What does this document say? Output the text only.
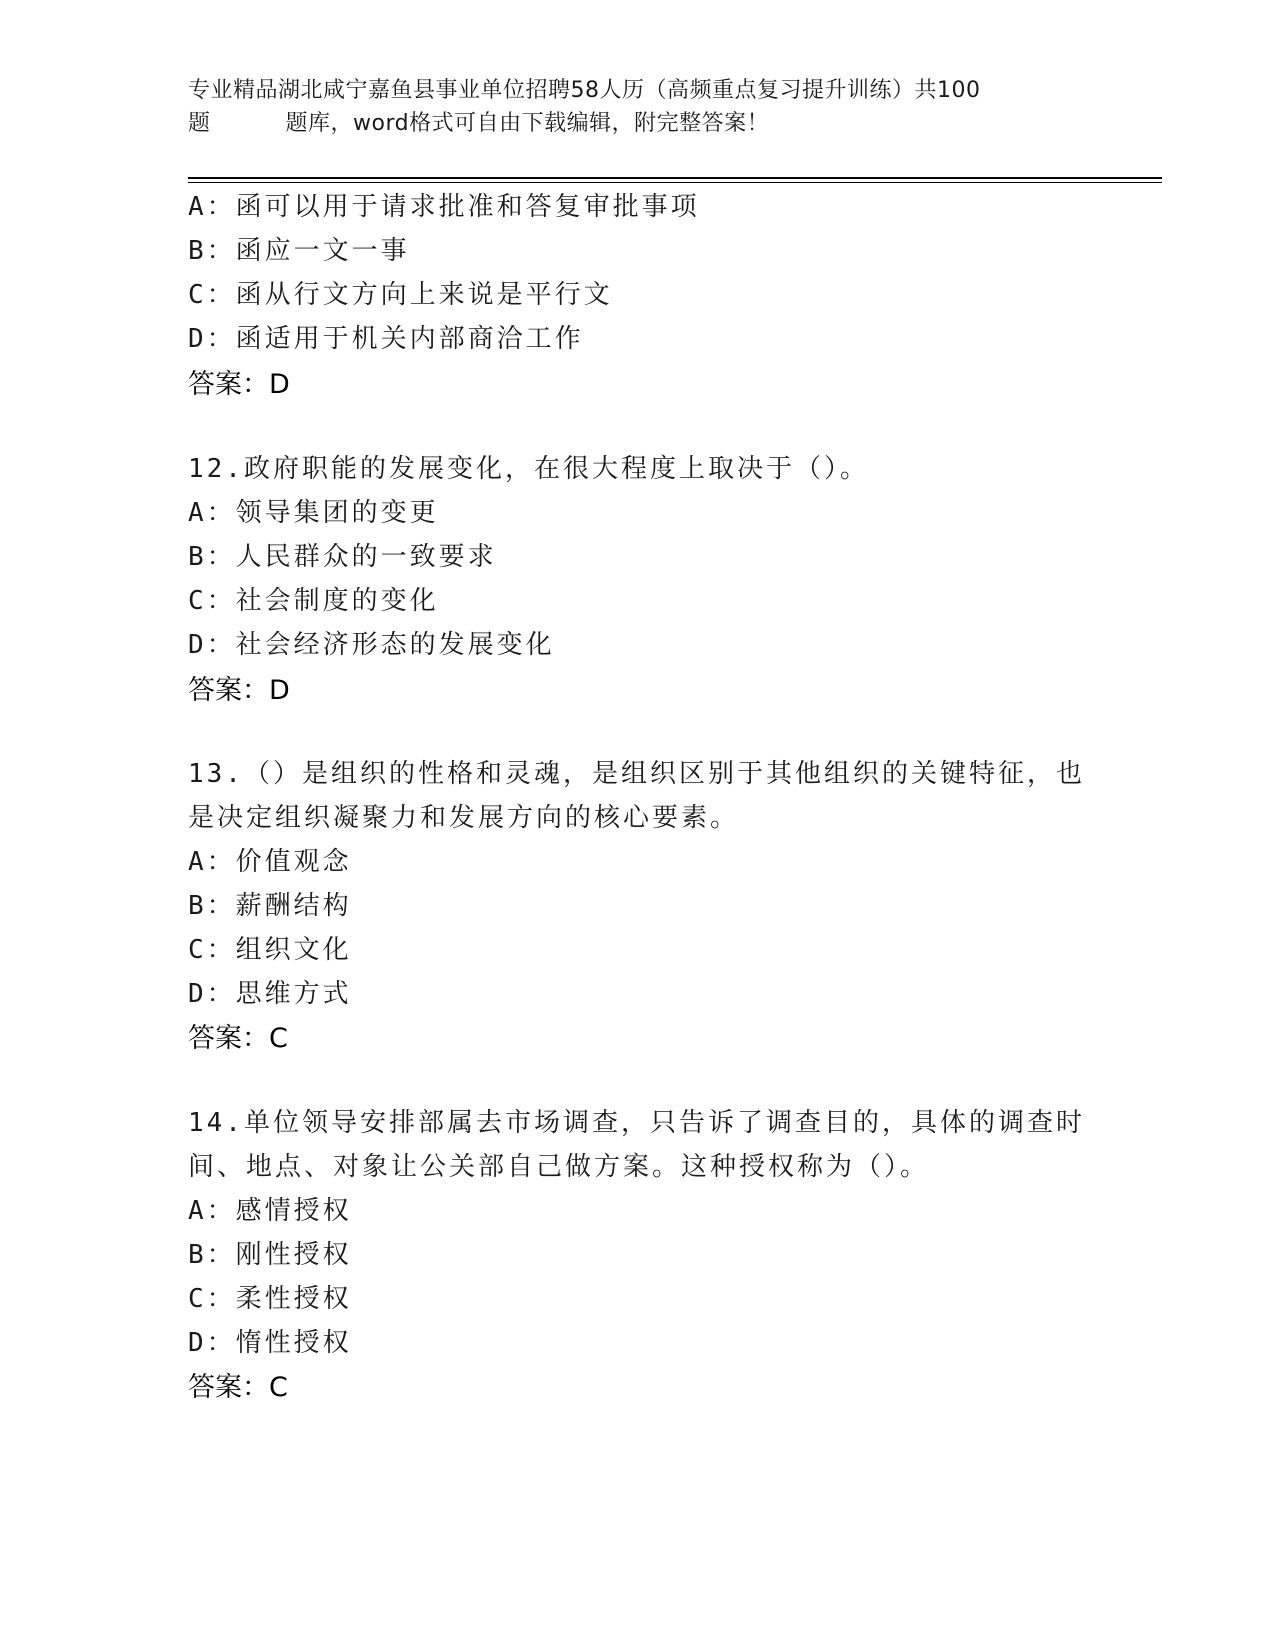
专业精品湖北咸宁嘉鱼县事业单位招聘58人历（高频重点复习提升训练）共100
题	题库，word格式可自由下载编辑，附完整答案！
A：函可以用于请求批准和答复审批事项
B：函应一文一事
C：函从行文方向上来说是平行文
D：函适用于机关内部商洽工作
答案：D
12.政府职能的发展变化，在很大程度上取决于（）。
A：领导集团的变更
B：人民群众的一致要求
C：社会制度的变化
D：社会经济形态的发展变化
答案：D
13.（）是组织的性格和灵魂，是组织区别于其他组织的关键特征，也
是决定组织凝聚力和发展方向的核心要素。
A：价值观念
B：薪酬结构
C：组织文化
D：思维方式
答案：C
14.单位领导安排部属去市场调查，只告诉了调查目的，具体的调查时
间、地点、对象让公关部自己做方案。这种授权称为（）。
A：感情授权
B：刚性授权
C：柔性授权
D：惰性授权
答案：C
